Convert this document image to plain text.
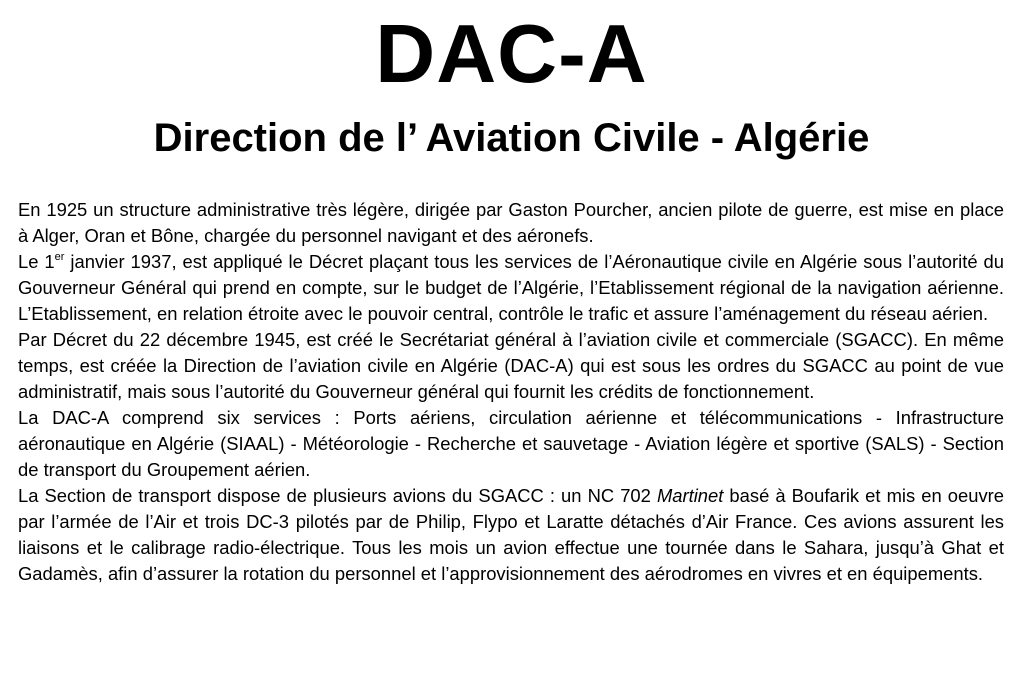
DAC-A
Direction de l’ Aviation Civile - Algérie

En 1925 un structure administrative très légère, dirigée par Gaston Pourcher, ancien pilote de guerre, est mise en place à Alger, Oran et Bône, chargée du personnel navigant et des aéronefs.

Le 1er janvier 1937, est appliqué le Décret plaçant tous les services de l’Aéronautique civile en Algérie sous l’autorité du Gouverneur Général qui prend en compte, sur le budget de l’Algérie, l’Etablissement régional de la navigation aérienne. L’Etablissement, en relation étroite avec le pouvoir central, contrôle le trafic et assure l’aménagement du réseau aérien.

Par Décret du 22 décembre 1945, est créé le Secrétariat général à l’aviation civile et commerciale (SGACC). En même temps, est créée la Direction de l’aviation civile en Algérie (DAC-A) qui est sous les ordres du SGACC au point de vue administratif, mais sous l’autorité du Gouverneur général qui fournit les crédits de fonctionnement.

La DAC-A comprend six services : Ports aériens, circulation aérienne et télécommunications - Infrastructure aéronautique en Algérie (SIAAL) - Météorologie - Recherche et sauvetage - Aviation légère et sportive (SALS) - Section de transport du Groupement aérien.

La Section de transport dispose de plusieurs avions du SGACC : un NC 702 Martinet basé à Boufarik et mis en oeuvre par l’armée de l’Air et trois DC-3 pilotés par de Philip, Flypo et Laratte détachés d’Air France. Ces avions assurent les liaisons et le calibrage radio-électrique. Tous les mois un avion effectue une tournée dans le Sahara, jusqu’à Ghat et Gadamès, afin d’assurer la rotation du personnel et l’approvisionnement des aérodromes en vivres et en équipements.
